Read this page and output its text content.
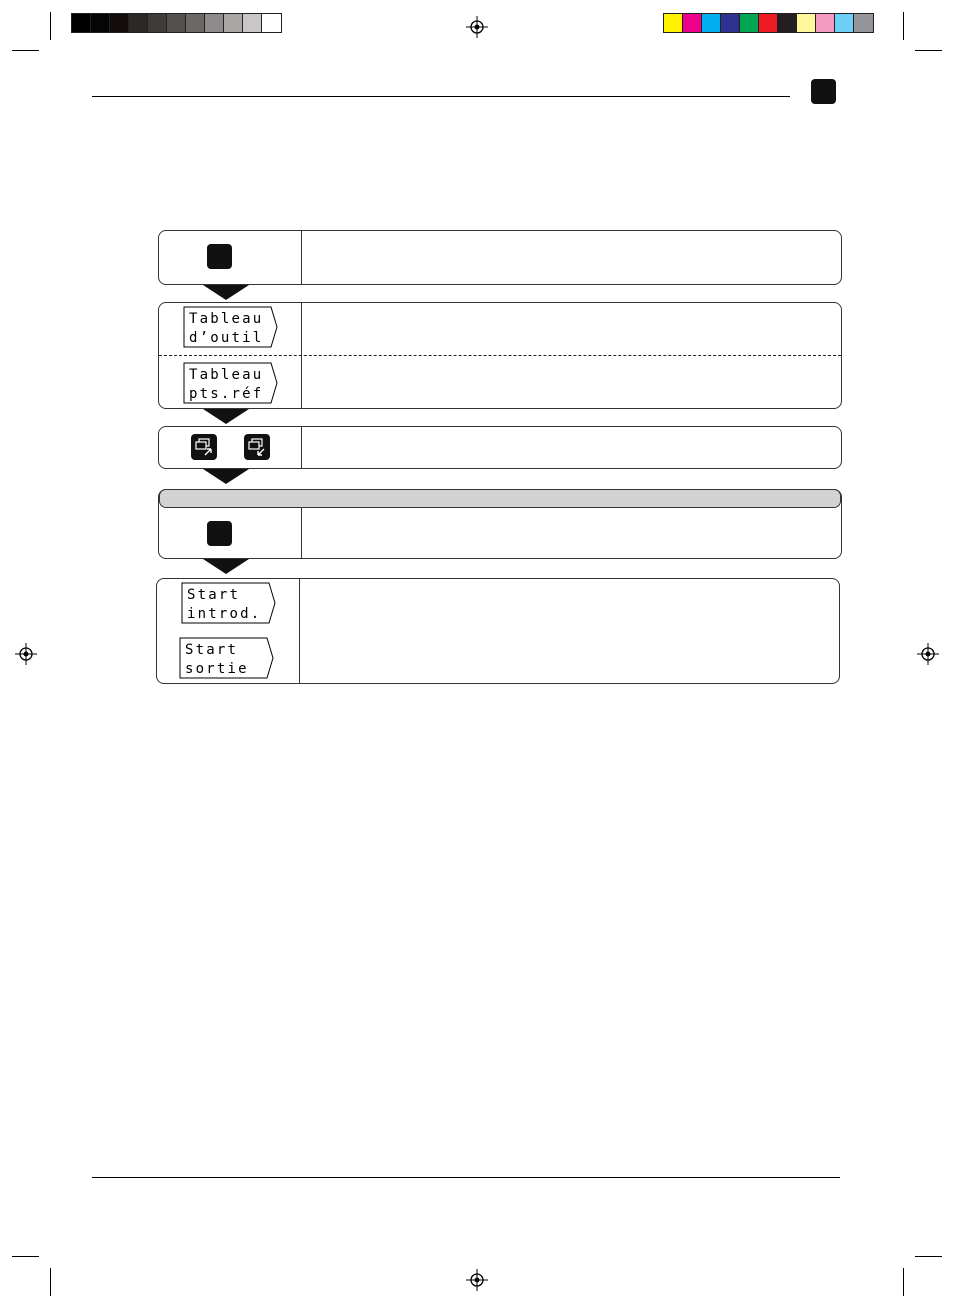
Tableau
d’outil
Tableau
pts.réf
Start
introd.
Start
sortie
